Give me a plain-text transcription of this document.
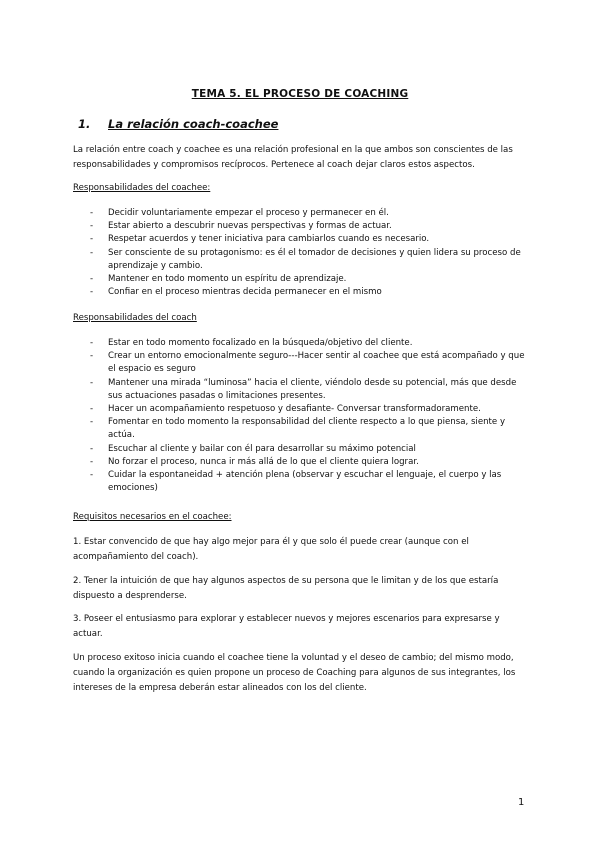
TEMA 5. EL PROCESO DE COACHING
1. La relación coach-coachee
La relación entre coach y coachee es una relación profesional en la que ambos son conscientes de las responsabilidades y compromisos recíprocos. Pertenece al coach dejar claros estos aspectos.
Responsabilidades del coachee:
- Decidir voluntariamente empezar el proceso y permanecer en él.
- Estar abierto a descubrir nuevas perspectivas y formas de actuar.
- Respetar acuerdos y tener iniciativa para cambiarlos cuando es necesario.
- Ser consciente de su protagonismo: es él el tomador de decisiones y quien lidera su proceso de aprendizaje y cambio.
- Mantener en todo momento un espíritu de aprendizaje.
- Confiar en el proceso mientras decida permanecer en el mismo
Responsabilidades del coach
- Estar en todo momento focalizado en la búsqueda/objetivo del cliente.
- Crear un entorno emocionalmente seguro---Hacer sentir al coachee que está acompañado y que el espacio es seguro
- Mantener una mirada “luminosa” hacia el cliente, viéndolo desde su potencial, más que desde sus actuaciones pasadas o limitaciones presentes.
- Hacer un acompañamiento respetuoso y desafiante- Conversar transformadoramente.
- Fomentar en todo momento la responsabilidad del cliente respecto a lo que piensa, siente y actúa.
- Escuchar al cliente y bailar con él para desarrollar su máximo potencial
- No forzar el proceso, nunca ir más allá de lo que el cliente quiera lograr.
- Cuidar la espontaneidad + atención plena (observar y escuchar el lenguaje, el cuerpo y las emociones)
Requisitos necesarios en el coachee:
1. Estar convencido de que hay algo mejor para él y que solo él puede crear (aunque con el acompañamiento del coach).
2. Tener la intuición de que hay algunos aspectos de su persona que le limitan y de los que estaría dispuesto a desprenderse.
3. Poseer el entusiasmo para explorar y establecer nuevos y mejores escenarios para expresarse y actuar.
Un proceso exitoso inicia cuando el coachee tiene la voluntad y el deseo de cambio; del mismo modo, cuando la organización es quien propone un proceso de Coaching para algunos de sus integrantes, los intereses de la empresa deberán estar alineados con los del cliente.
1
